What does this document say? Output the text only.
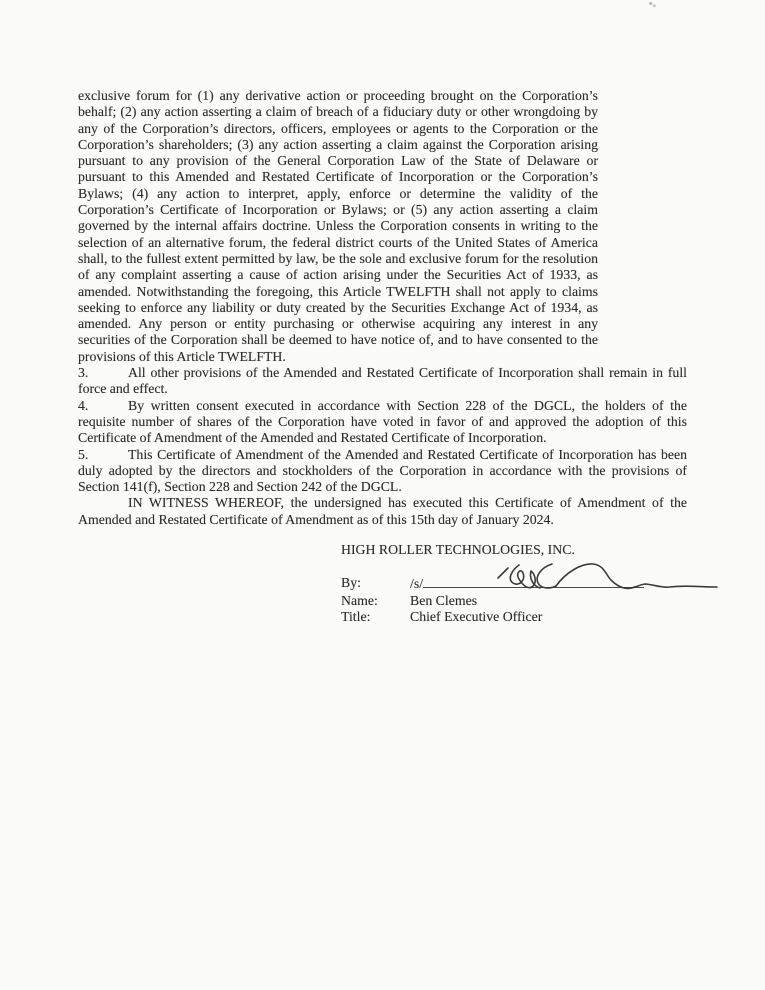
exclusive forum for (1) any derivative action or proceeding brought on the Corporation’s behalf; (2) any action asserting a claim of breach of a fiduciary duty or other wrongdoing by any of the Corporation’s directors, officers, employees or agents to the Corporation or the Corporation’s shareholders; (3) any action asserting a claim against the Corporation arising pursuant to any provision of the General Corporation Law of the State of Delaware or pursuant to this Amended and Restated Certificate of Incorporation or the Corporation’s Bylaws; (4) any action to interpret, apply, enforce or determine the validity of the Corporation’s Certificate of Incorporation or Bylaws; or (5) any action asserting a claim governed by the internal affairs doctrine. Unless the Corporation consents in writing to the selection of an alternative forum, the federal district courts of the United States of America shall, to the fullest extent permitted by law, be the sole and exclusive forum for the resolution of any complaint asserting a cause of action arising under the Securities Act of 1933, as amended. Notwithstanding the foregoing, this Article TWELFTH shall not apply to claims seeking to enforce any liability or duty created by the Securities Exchange Act of 1934, as amended. Any person or entity purchasing or otherwise acquiring any interest in any securities of the Corporation shall be deemed to have notice of, and to have consented to the provisions of this Article TWELFTH.

3.	All other provisions of the Amended and Restated Certificate of Incorporation shall remain in full force and effect.

4.	By written consent executed in accordance with Section 228 of the DGCL, the holders of the requisite number of shares of the Corporation have voted in favor of and approved the adoption of this Certificate of Amendment of the Amended and Restated Certificate of Incorporation.

5.	This Certificate of Amendment of the Amended and Restated Certificate of Incorporation has been duly adopted by the directors and stockholders of the Corporation in accordance with the provisions of Section 141(f), Section 228 and Section 242 of the DGCL.

IN WITNESS WHEREOF, the undersigned has executed this Certificate of Amendment of the Amended and Restated Certificate of Amendment as of this 15th day of January 2024.

HIGH ROLLER TECHNOLOGIES, INC.

By:	/s/
Name:	Ben Clemes
Title:	Chief Executive Officer
